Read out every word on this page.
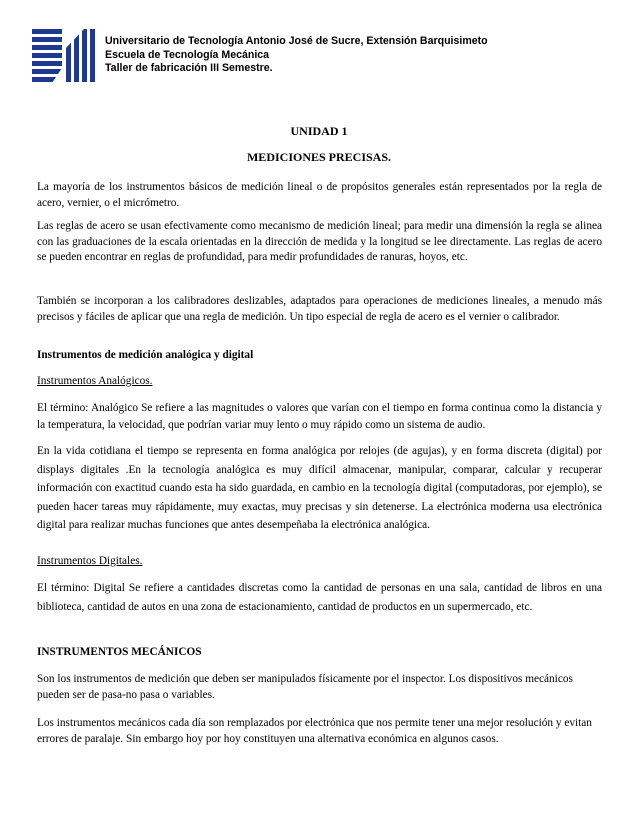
Universitario de Tecnología Antonio José de Sucre, Extensión Barquisimeto
Escuela de Tecnología Mecánica
Taller de fabricación III Semestre.
UNIDAD 1
MEDICIONES PRECISAS.
La mayoría de los instrumentos básicos de medición lineal o de propósitos generales están representados por la regla de acero, vernier, o el micrómetro.
Las reglas de acero se usan efectivamente como mecanismo de medición lineal; para medir una dimensión la regla se alinea con las graduaciones de la escala orientadas en la dirección de medida y la longitud se lee directamente. Las reglas de acero se pueden encontrar en reglas de profundidad, para medir profundidades de ranuras, hoyos, etc.
También se incorporan a los calibradores deslizables, adaptados para operaciones de mediciones lineales, a menudo más precisos y fáciles de aplicar que una regla de medición. Un tipo especial de regla de acero es el vernier o calibrador.
Instrumentos de medición analógica y digital
Instrumentos Analógicos.
El término: Analógico Se refiere a las magnitudes o valores que varían con el tiempo en forma continua como la distancia y la temperatura, la velocidad, que podrían variar muy lento o muy rápido como un sistema de audio.
En la vida cotidiana el tiempo se representa en forma analógica por relojes (de agujas), y en forma discreta (digital) por displays digitales .En la tecnología analógica es muy difícil almacenar, manipular, comparar, calcular y recuperar información con exactitud cuando esta ha sido guardada, en cambio en la tecnología digital (computadoras, por ejemplo), se pueden hacer tareas muy rápidamente, muy exactas, muy precisas y sin detenerse. La electrónica moderna usa electrónica digital para realizar muchas funciones que antes desempeñaba la electrónica analógica.
Instrumentos Digitales.
El término: Digital Se refiere a cantidades discretas como la cantidad de personas en una sala, cantidad de libros en una biblioteca, cantidad de autos en una zona de estacionamiento, cantidad de productos en un supermercado, etc.
INSTRUMENTOS MECÁNICOS
Son los instrumentos de medición que deben ser manipulados físicamente por el inspector. Los dispositivos mecánicos pueden ser de pasa-no pasa o variables.
Los instrumentos mecánicos cada día son remplazados por electrónica que nos permite tener una mejor resolución y evitan errores de paralaje. Sin embargo hoy por hoy constituyen una alternativa económica en algunos casos.
